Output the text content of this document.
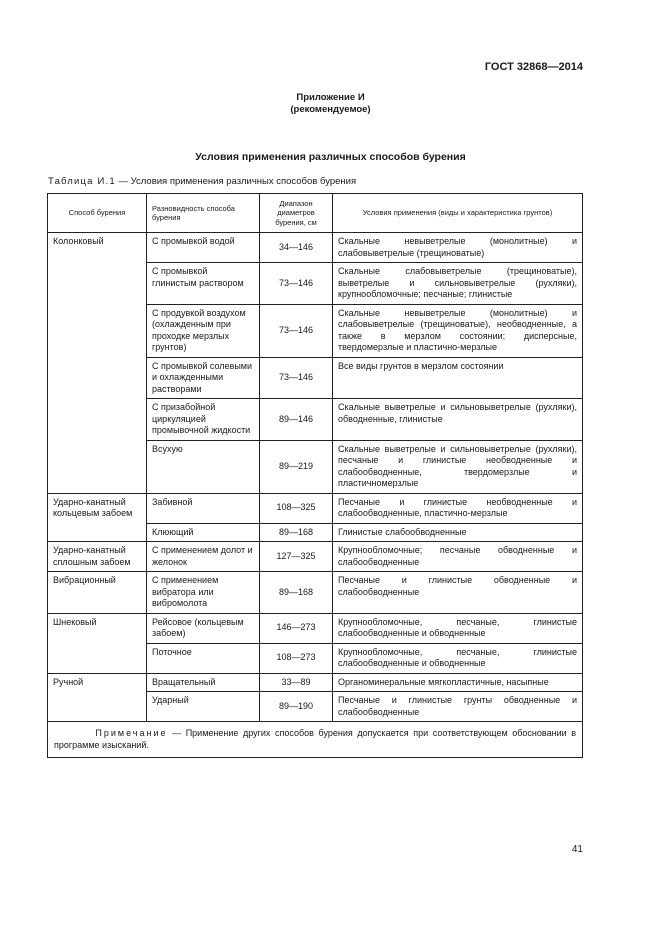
ГОСТ 32868—2014
Приложение И
(рекомендуемое)
Условия применения различных способов бурения
Таблица И.1 — Условия применения различных способов бурения
Способ бурения	Разновидность способа бурения	Диапазон диаметров бурения, см	Условия применения (виды и характеристика грунтов)
Колонковый	С промывкой водой	34—146	Скальные невыветрелые (монолитные) и слабовыветрелые (трещиноватые)
	С промывкой глинистым раствором	73—146	Скальные слабовыветрелые (трещиноватые), выветрелые и сильновыветрелые (рухляки), крупнообломочные; песчаные; глинистые
	С продувкой воздухом (охлажденным при проходке мерзлых грунтов)	73—146	Скальные невыветрелые (монолитные) и слабовыветрелые (трещиноватые), необводненные, а также в мерзлом состоянии; дисперсные, твердомерзлые и пластично-мерзлые
	С промывкой солевыми и охлажденными растворами	73—146	Все виды грунтов в мерзлом состоянии
	С призабойной циркуляцией промывочной жидкости	89—146	Скальные выветрелые и сильновыветрелые (рухляки), обводненные, глинистые
	Всухую	89—219	Скальные выветрелые и сильновыветрелые (рухляки), песчаные и глинистые необводненные и слабообводненные, твердомерзлые и пластичномерзлые
Ударно-канатный кольцевым забоем	Забивной	108—325	Песчаные и глинистые необводненные и слабообводненные, пластично-мерзлые
	Клюющий	89—168	Глинистые слабообводненные
Ударно-канатный сплошным забоем	С применением долот и желонок	127—325	Крупнообломочные; песчаные обводненные и слабообводненные
Вибрационный	С применением вибратора или вибромолота	89—168	Песчаные и глинистые обводненные и слабообводненные
Шнековый	Рейсовое (кольцевым забоем)	146—273	Крупнообломочные, песчаные, глинистые слабообводненные и обводненные
	Поточное	108—273	Крупнообломочные, песчаные, глинистые слабообводненные и обводненные
Ручной	Вращательный	33—89	Органоминеральные мягкопластичные, насыпные
	Ударный	89—190	Песчаные и глинистые грунты обводненные и слабообводненные
Примечание — Применение других способов бурения допускается при соответствующем обосновании в программе изысканий.			
41
